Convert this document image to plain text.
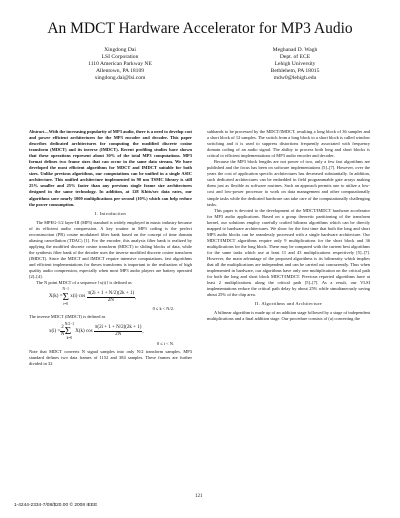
An MDCT Hardware Accelerator for MP3 Audio
Xingdong Dai
LSI Corporation
1110 American Parkway NE
Allentown, PA 18109
xingdong.dai@lsi.com
Meghanad D. Wagh
Dept. of ECE
Lehigh University
Bethlehem, PA 18015
mdw0@lehigh.edu

Abstract—With the increasing popularity of MP3 audio, there is a need to develop cost and power efficient architectures for the MP3 encoder and decoder. This paper describes dedicated architectures for computing the modified discrete cosine transform (MDCT) and its inverse (IMDCT). Recent profiling studies have shown that these operations represent about 30% of the total MP3 computations. MP3 format defines two frame sizes that can occur in the same data stream. We have developed the most efficient algorithms for MDCT and IMDCT suitable for both sizes. Unlike previous algorithms, our computations can be unified in a single ASIC architecture. This unified architecture implemented in 90 nm TSMC library is still 25% smaller and 25% faster than any previous single frame size architectures designed in the same technology. In addition, at 128 Kbits/sec data rates, our algorithms save nearly 1000 multiplications per second (10%) which can help reduce the power consumption.

I. Introduction

The MPEG-1/2 layer-III (MP3) standard is widely employed in music industry because of its efficient audio compression. A key routine in MP3 coding is the perfect reconstruction (PR) cosine modulated filter bank based on the concept of time domain aliasing cancellation (TDAC) [1]. For the encoder, this analysis filter bank is realized by applying the modified discrete cosine transform (MDCT) to sliding blocks of data, while the synthesis filter bank of the decoder uses the inverse modified discrete cosine transform (IMDCT). Since the MDCT and IMDCT require intensive computations, fast algorithms and efficient implementations for theses transforms is important to the realization of high quality audio compression, especially when most MP3 audio players are battery operated [2]–[4].

The N point MDCT of a sequence {x(i)} is defined as

X(k) =	
N−1
Σ
i=0
	x(i) cos	$\frac{\pi(2i + 1 + N/2)(2k + 1)}{2N}$ ,
0 ≤ k < N/2.

The inverse MDCT (IMDCT) is defined as

x(i) =	$\frac{2}{N}$

N/2−1
Σ
k=0
	X(k) cos	$\frac{\pi(2i + 1 + N/2)(2k + 1)}{2N}$ ,
0 ≤ i < N.

Note that MDCT converts N signal samples into only N/2 transform samples. MP3 standard defines two data frames of 1152 and 384 samples. These frames are further divided in 32

subbands to be processed by the MDCT/IMDCT, resulting a long block of 36 samples and a short block of 12 samples. The switch from a long block to a short block is called window switching and it is used to suppress distortions frequently associated with frequency domain coding of an audio signal. The ability to process both long and short blocks is critical to efficient implementations of MP3 audio encoder and decoder.

Because the MP3 block lengths are not power of two, only a few fast algorithms are published and the focus has been on software implementations [5]–[7]. However, over the years the cost of application specific architectures has decreased substantially. In addition, such dedicated architectures can be embedded in field programmable gate arrays making them just as flexible as software routines. Such an approach permits one to utilize a low-cost and low-power processor to work on data management and other computationally simple tasks while the dedicated hardware can take care of the computationally challenging tasks.

This paper is devoted to the development of the MDCT/IMDCT hardware accelerator for MP3 audio applications. Based on a group theoretic partitioning of the transform kernel, our solutions employ carefully crafted bilinear algorithms which can be directly mapped to hardware architectures. We show for the first time that both the long and short MP3 audio blocks can be seamlessly processed with a single hardware architecture. Our MDCT/IMDCT algorithms require only 9 multiplications for the short block and 36 multiplications for the long block. These may be compared with the current best algorithms for the same tasks which use at least 11 and 43 multiplications respectively [5]–[7]. However, the main advantage of the proposed algorithms is its bilinearity which implies that all the multiplications are independent and can be carried out concurrently. Thus when implemented in hardware, our algorithms have only one multiplication on the critical path for both the long and short block MDCT/IMDCT. Previous reported algorithms have at least 2 multiplications along the critical path [5]–[7]. As a result, our VLSI implementations reduce the critical path delay by about 25% while simultaneously saving about 25% of the chip area.

II. Algorithms and Architecture

A bilinear algorithm is made up of an addition stage followed by a stage of independent multiplications and a final addition stage. Our procedure consists of (a) converting the

121
1-4244-2334-7/08/$20.00 © 2008 IEEE
